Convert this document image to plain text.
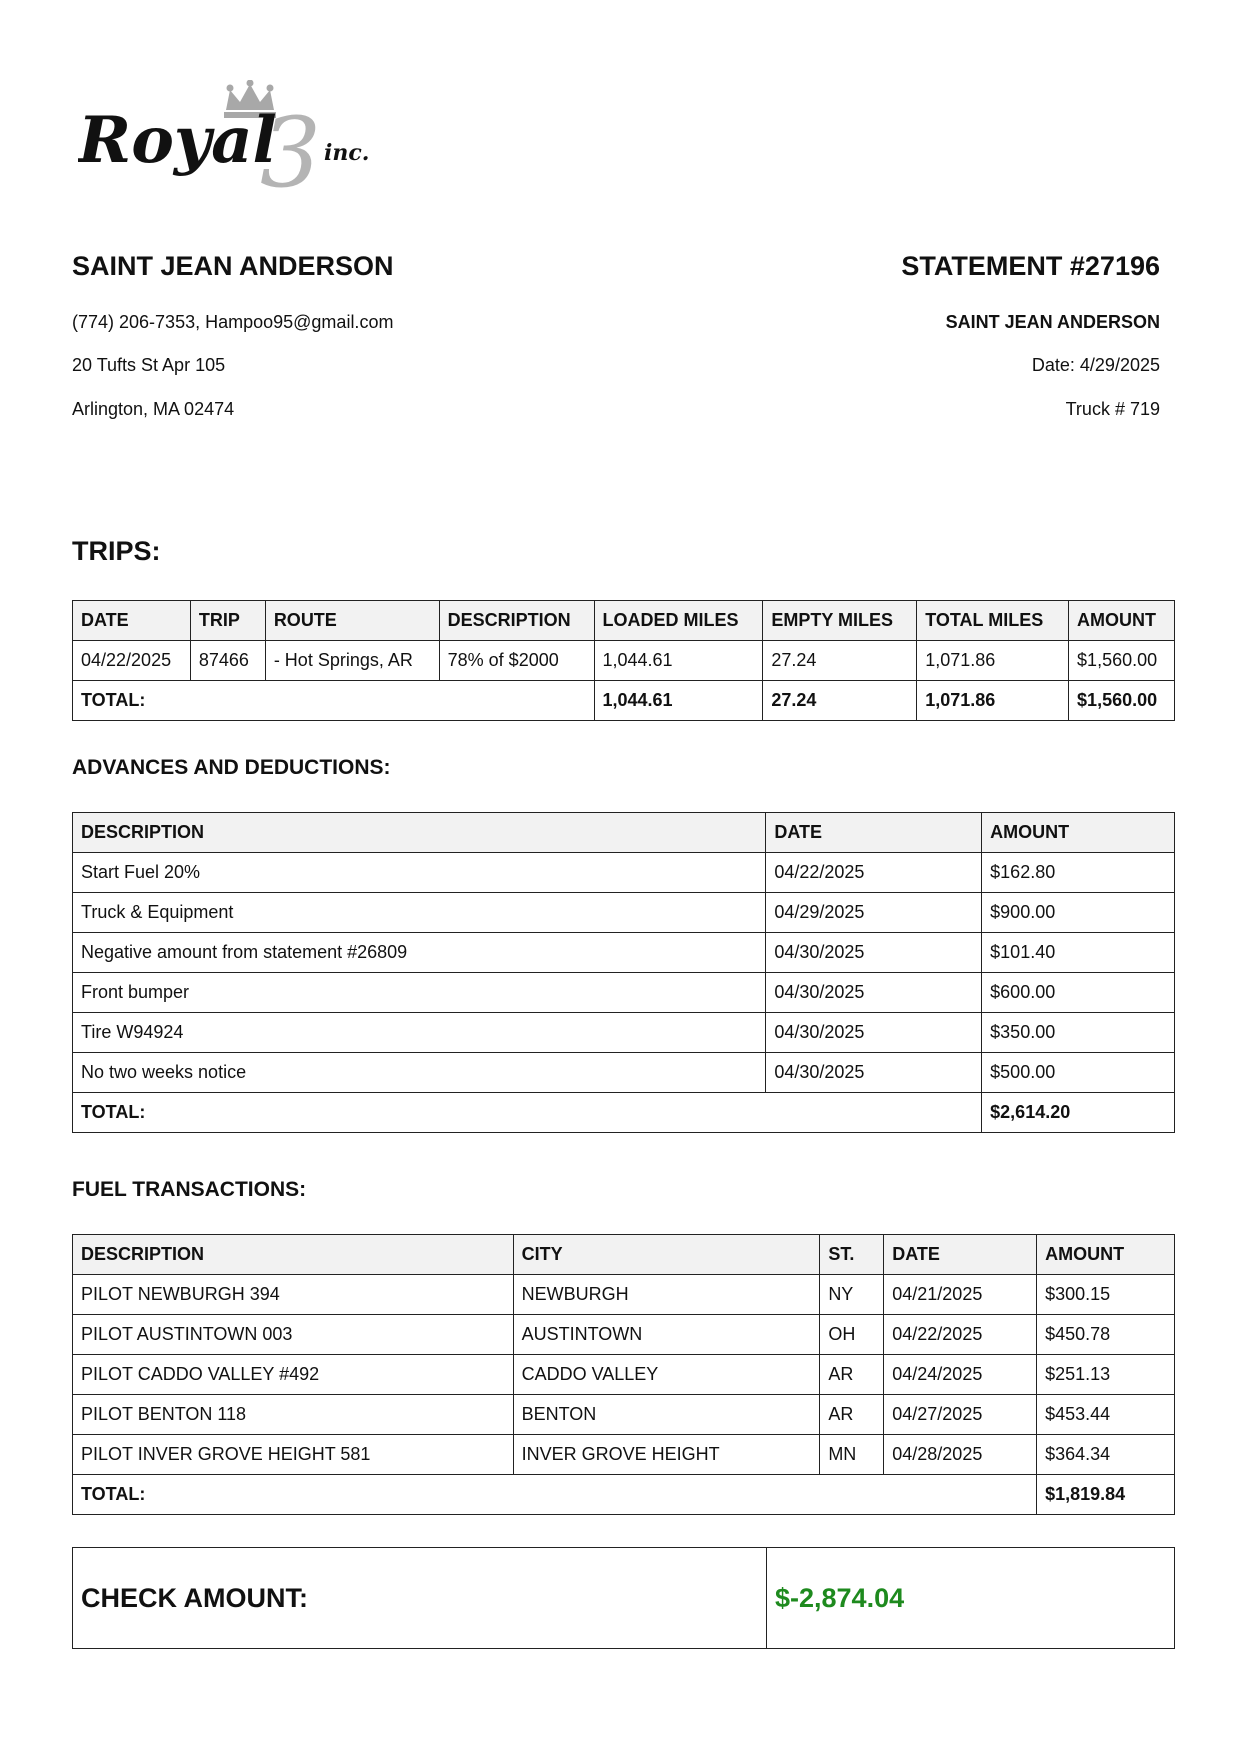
3
Royal inc.
SAINT JEAN ANDERSON
(774) 206-7353, Hampoo95@gmail.com
20 Tufts St Apr 105
Arlington, MA 02474
STATEMENT #27196
SAINT JEAN ANDERSON
Date: 4/29/2025
Truck # 719
TRIPS:
DATE	TRIP	ROUTE	DESCRIPTION	LOADED MILES	EMPTY MILES	TOTAL MILES	AMOUNT
04/22/2025	87466	- Hot Springs, AR	78% of $2000	1,044.61	27.24	1,071.86	$1,560.00
TOTAL:				1,044.61	27.24	1,071.86	$1,560.00
ADVANCES AND DEDUCTIONS:
DESCRIPTION	DATE	AMOUNT
Start Fuel 20%	04/22/2025	$162.80
Truck & Equipment	04/29/2025	$900.00
Negative amount from statement #26809	04/30/2025	$101.40
Front bumper	04/30/2025	$600.00
Tire W94924	04/30/2025	$350.00
No two weeks notice	04/30/2025	$500.00
TOTAL:		$2,614.20
FUEL TRANSACTIONS:
DESCRIPTION	CITY	ST.	DATE	AMOUNT
PILOT NEWBURGH 394	NEWBURGH	NY	04/21/2025	$300.15
PILOT AUSTINTOWN 003	AUSTINTOWN	OH	04/22/2025	$450.78
PILOT CADDO VALLEY #492	CADDO VALLEY	AR	04/24/2025	$251.13
PILOT BENTON 118	BENTON	AR	04/27/2025	$453.44
PILOT INVER GROVE HEIGHT 581	INVER GROVE HEIGHT	MN	04/28/2025	$364.34
TOTAL:				$1,819.84
CHECK AMOUNT:	$-2,874.04
